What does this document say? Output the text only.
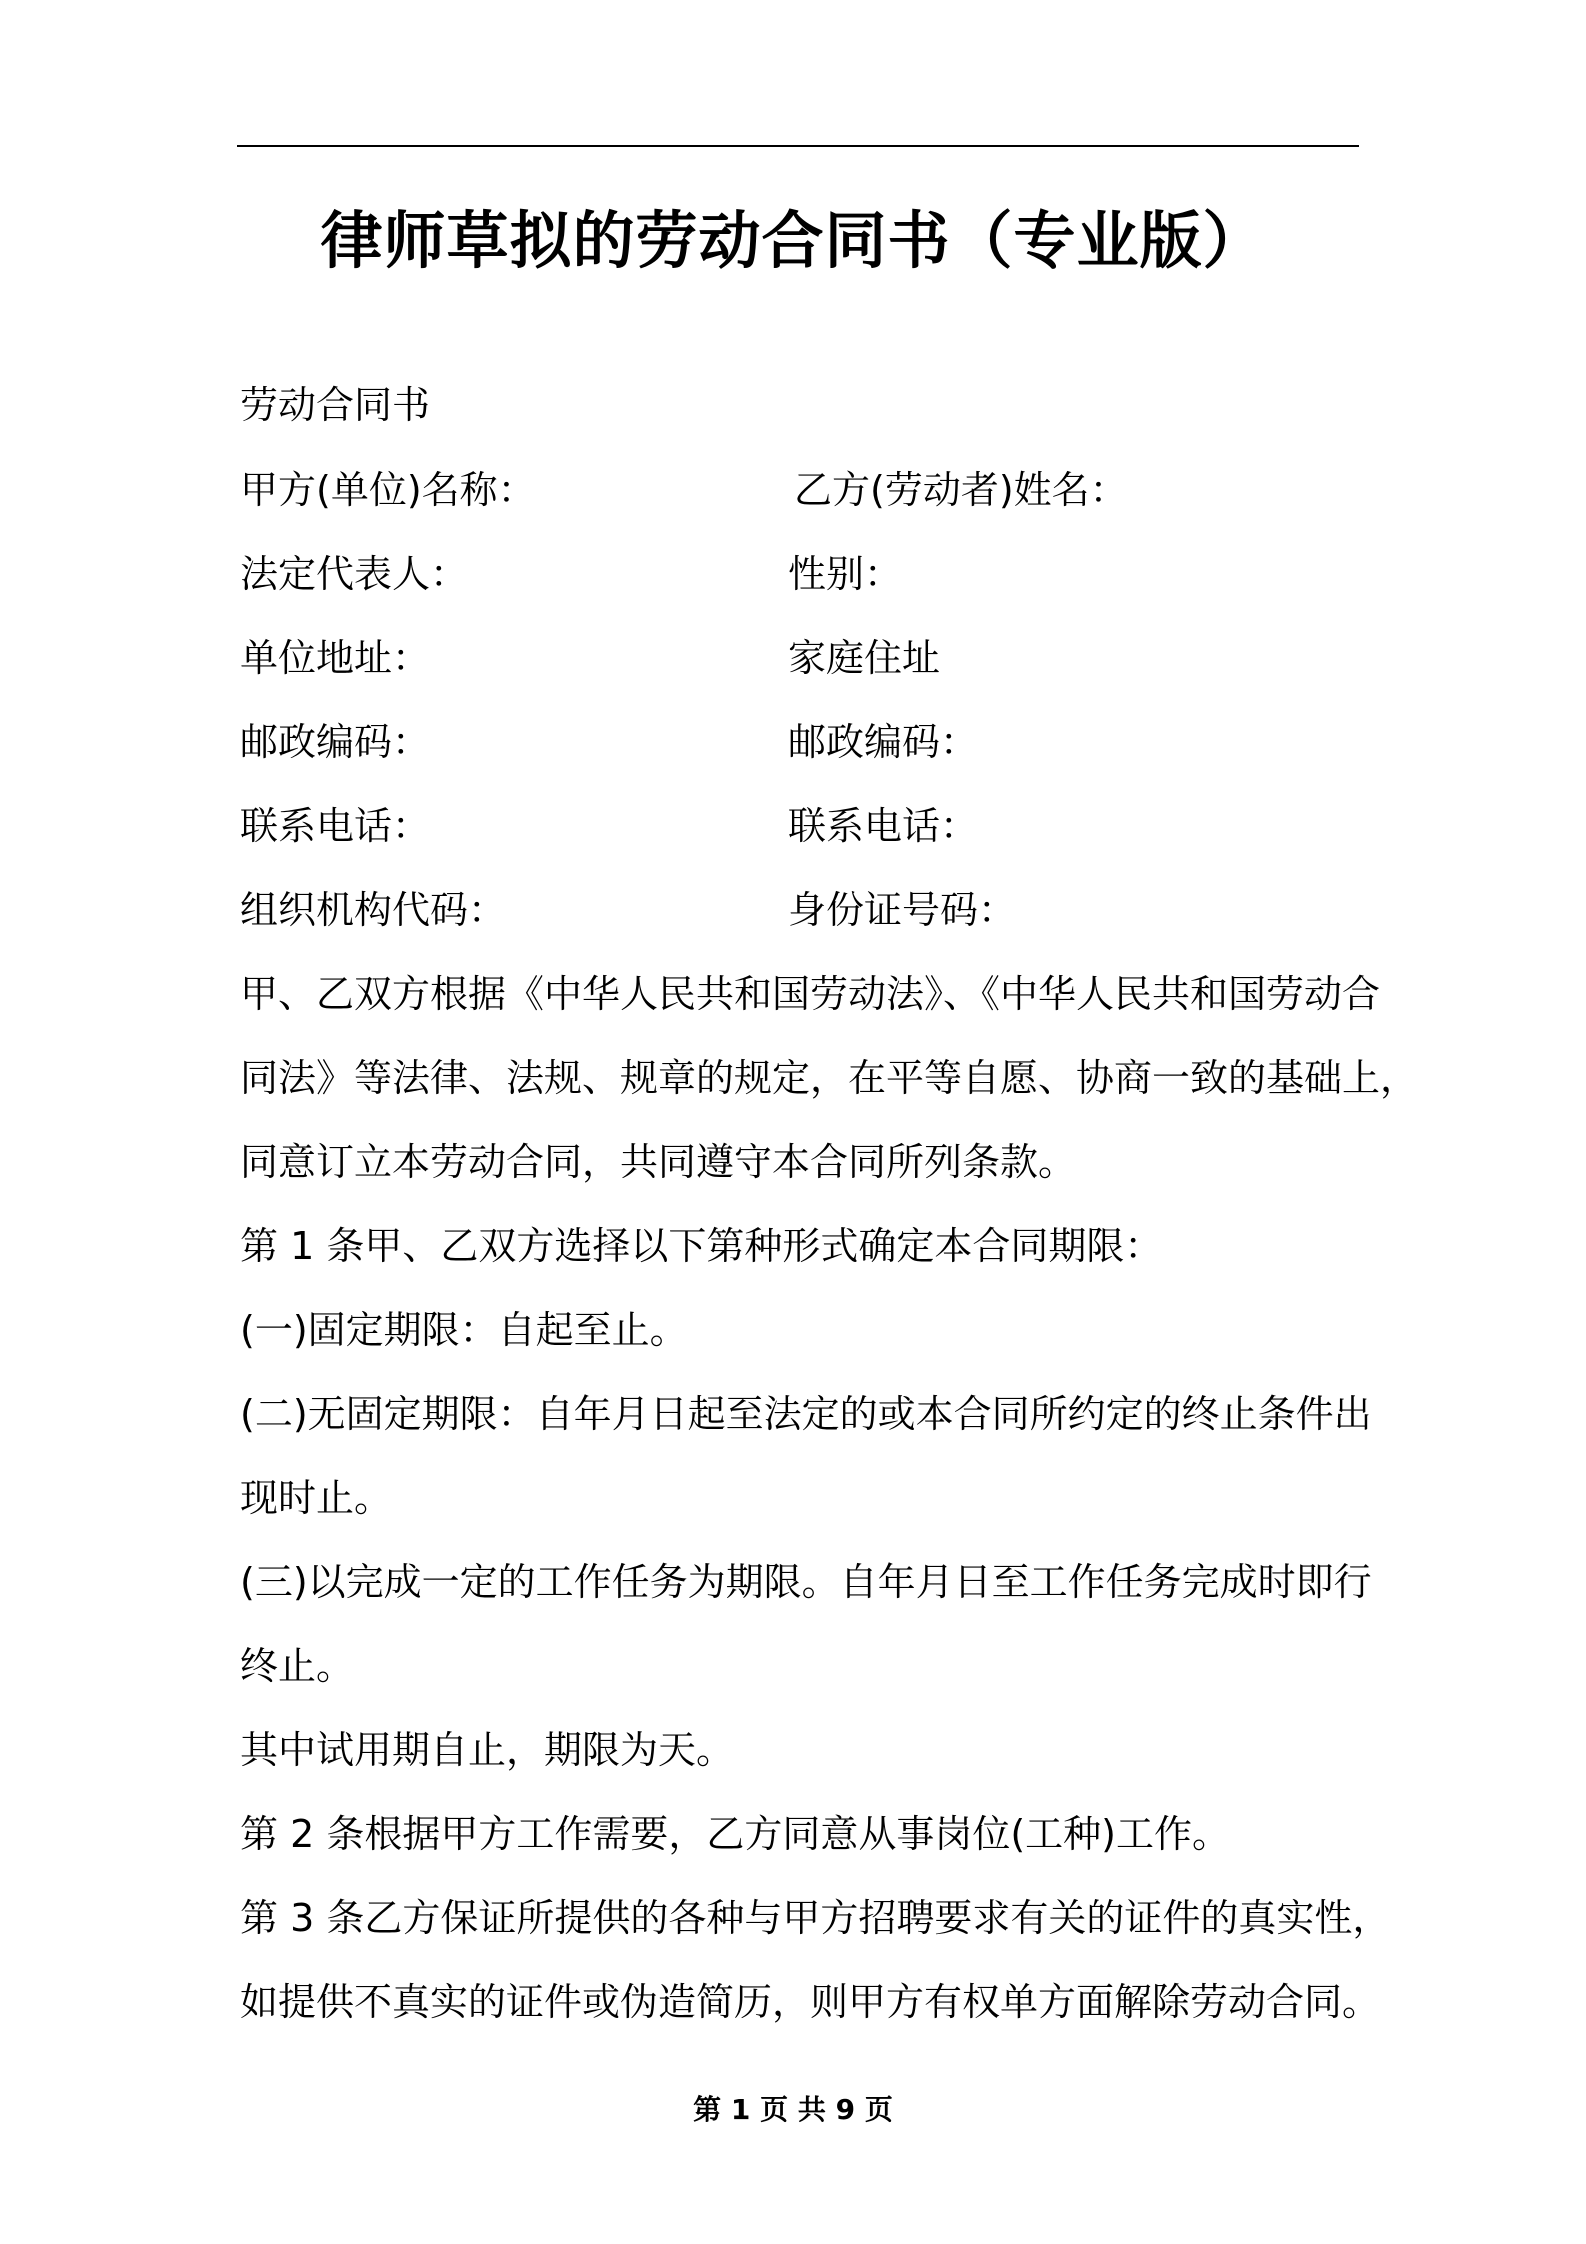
律师草拟的劳动合同书（专业版）
劳动合同书
甲方(单位)名称：	乙方(劳动者)姓名：
法定代表人：	性别：
单位地址：	家庭住址
邮政编码：	邮政编码：
联系电话：	联系电话：
组织机构代码：	身份证号码：
甲、乙双方根据《中华人民共和国劳动法》、《中华人民共和国劳动合
同法》等法律、法规、规章的规定，在平等自愿、协商一致的基础上，
同意订立本劳动合同，共同遵守本合同所列条款。
第 1 条甲、乙双方选择以下第种形式确定本合同期限：
(一)固定期限：自起至止。
(二)无固定期限：自年月日起至法定的或本合同所约定的终止条件出
现时止。
(三)以完成一定的工作任务为期限。自年月日至工作任务完成时即行
终止。
其中试用期自止，期限为天。
第 2 条根据甲方工作需要，乙方同意从事岗位(工种)工作。
第 3 条乙方保证所提供的各种与甲方招聘要求有关的证件的真实性，
如提供不真实的证件或伪造简历，则甲方有权单方面解除劳动合同。
第 1 页 共 9 页
